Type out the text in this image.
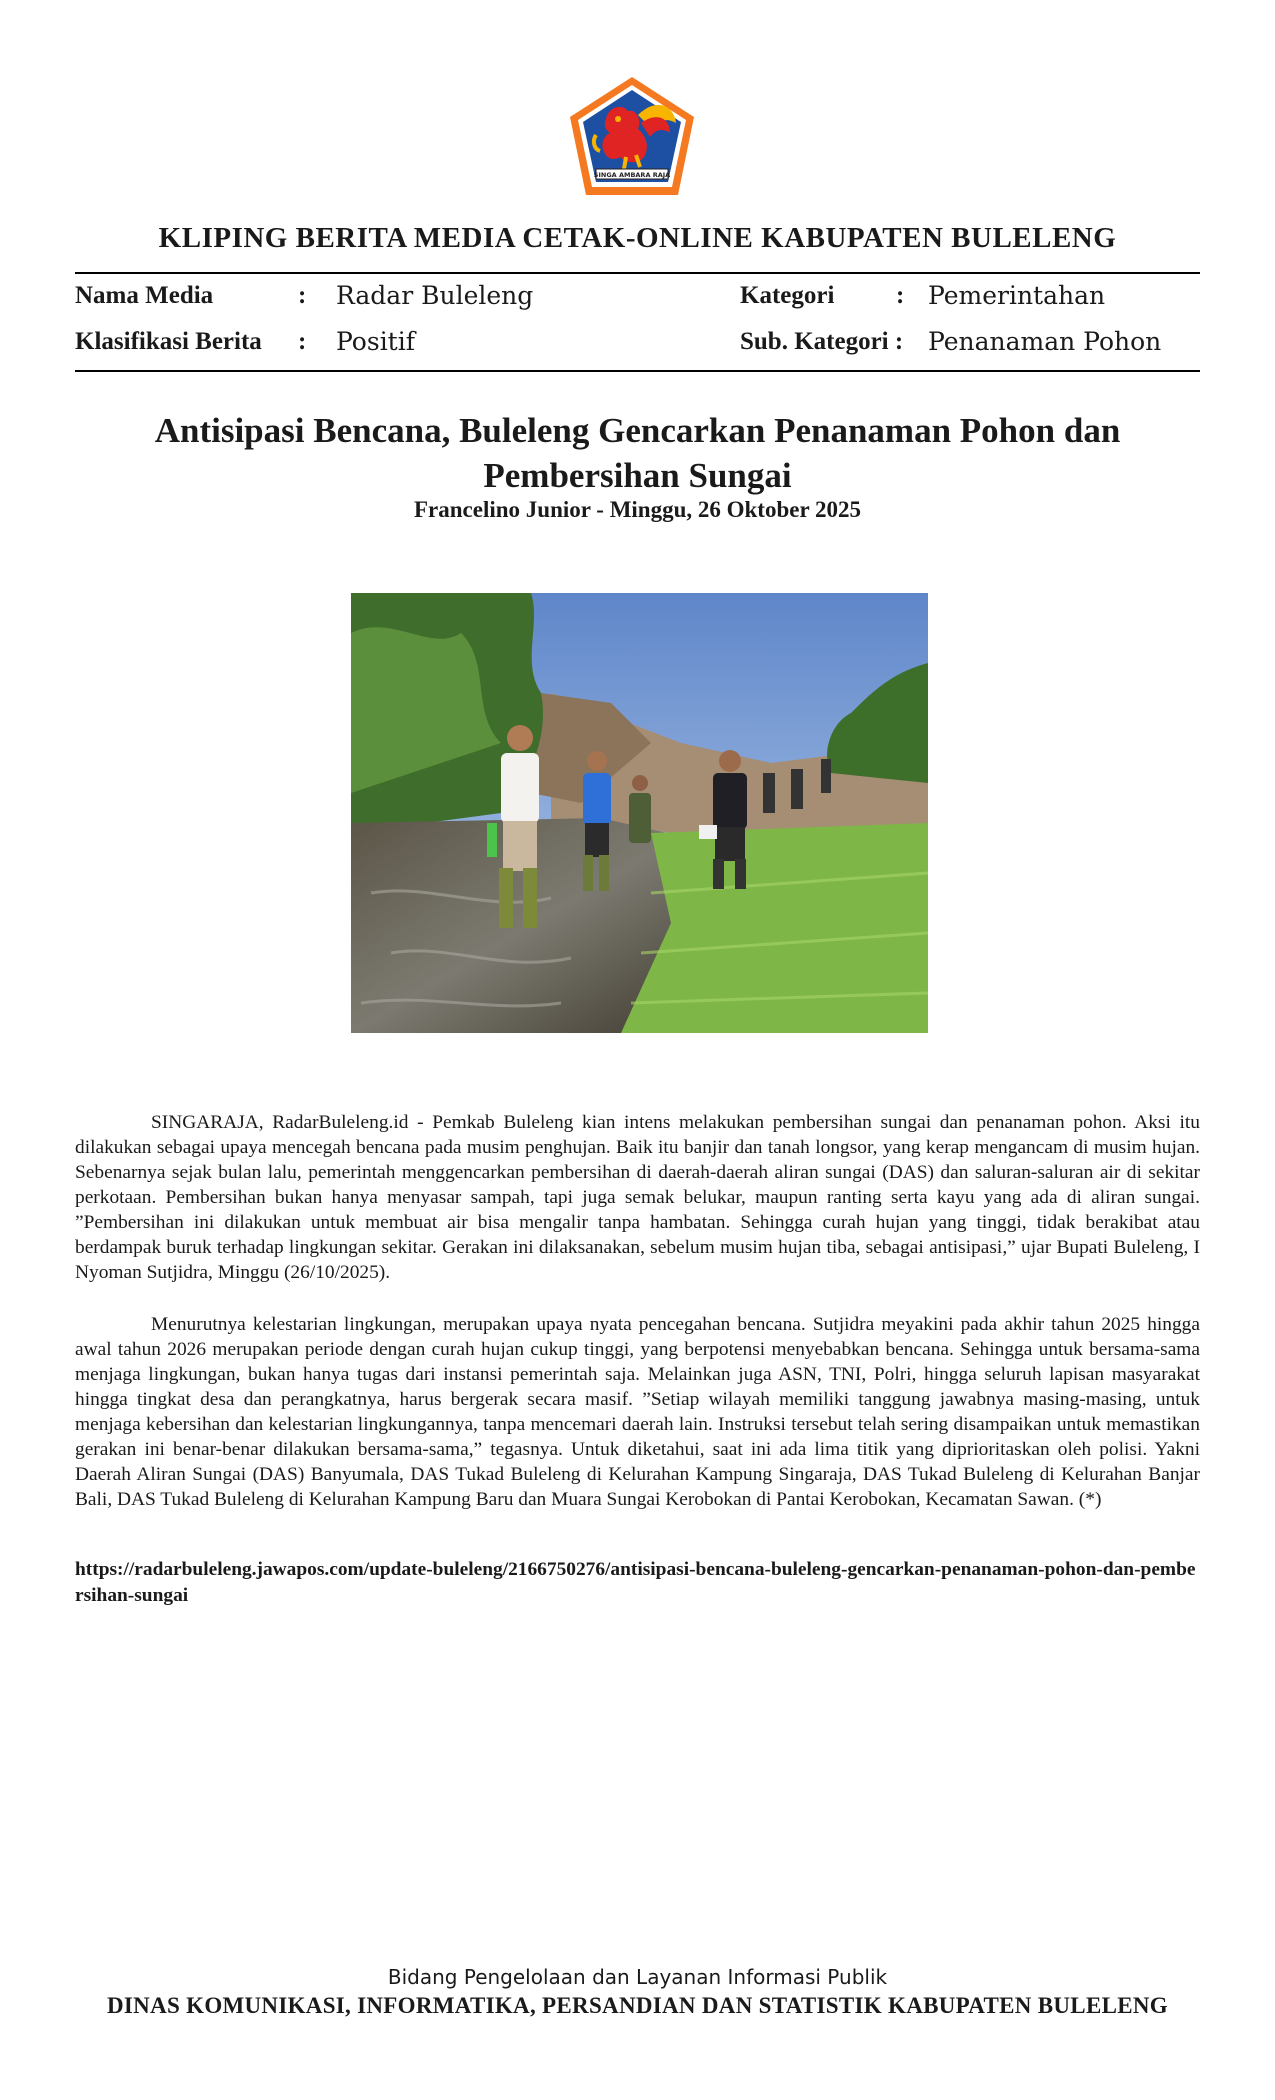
SINGA AMBARA RAJA
KLIPING BERITA MEDIA CETAK-ONLINE KABUPATEN BULELENG
Nama Media	: Radar Buleleng	Kategori : Pemerintahan
Klasifikasi Berita : Positif	Sub. Kategori : Penanaman Pohon
Antisipasi Bencana, Buleleng Gencarkan Penanaman Pohon dan Pembersihan Sungai
Francelino Junior - Minggu, 26 Oktober 2025

SINGARAJA, RadarBuleleng.id - Pemkab Buleleng kian intens melakukan pembersihan sungai dan penanaman pohon. Aksi itu dilakukan sebagai upaya mencegah bencana pada musim penghujan. Baik itu banjir dan tanah longsor, yang kerap mengancam di musim hujan. Sebenarnya sejak bulan lalu, pemerintah menggencarkan pembersihan di daerah-daerah aliran sungai (DAS) dan saluran-saluran air di sekitar perkotaan. Pembersihan bukan hanya menyasar sampah, tapi juga semak belukar, maupun ranting serta kayu yang ada di aliran sungai. ”Pembersihan ini dilakukan untuk membuat air bisa mengalir tanpa hambatan. Sehingga curah hujan yang tinggi, tidak berakibat atau berdampak buruk terhadap lingkungan sekitar. Gerakan ini dilaksanakan, sebelum musim hujan tiba, sebagai antisipasi,” ujar Bupati Buleleng, I Nyoman Sutjidra, Minggu (26/10/2025).

Menurutnya kelestarian lingkungan, merupakan upaya nyata pencegahan bencana. Sutjidra meyakini pada akhir tahun 2025 hingga awal tahun 2026 merupakan periode dengan curah hujan cukup tinggi, yang berpotensi menyebabkan bencana. Sehingga untuk bersama-sama menjaga lingkungan, bukan hanya tugas dari instansi pemerintah saja. Melainkan juga ASN, TNI, Polri, hingga seluruh lapisan masyarakat hingga tingkat desa dan perangkatnya, harus bergerak secara masif. ”Setiap wilayah memiliki tanggung jawabnya masing-masing, untuk menjaga kebersihan dan kelestarian lingkungannya, tanpa mencemari daerah lain. Instruksi tersebut telah sering disampaikan untuk memastikan gerakan ini benar-benar dilakukan bersama-sama,” tegasnya. Untuk diketahui, saat ini ada lima titik yang diprioritaskan oleh polisi. Yakni Daerah Aliran Sungai (DAS) Banyumala, DAS Tukad Buleleng di Kelurahan Kampung Singaraja, DAS Tukad Buleleng di Kelurahan Banjar Bali, DAS Tukad Buleleng di Kelurahan Kampung Baru dan Muara Sungai Kerobokan di Pantai Kerobokan, Kecamatan Sawan. (*)

https://radarbuleleng.jawapos.com/update-buleleng/2166750276/antisipasi-bencana-buleleng-gencarkan-penanaman-pohon-dan-pembersihan-sungai
Bidang Pengelolaan dan Layanan Informasi Publik
DINAS KOMUNIKASI, INFORMATIKA, PERSANDIAN DAN STATISTIK KABUPATEN BULELENG
